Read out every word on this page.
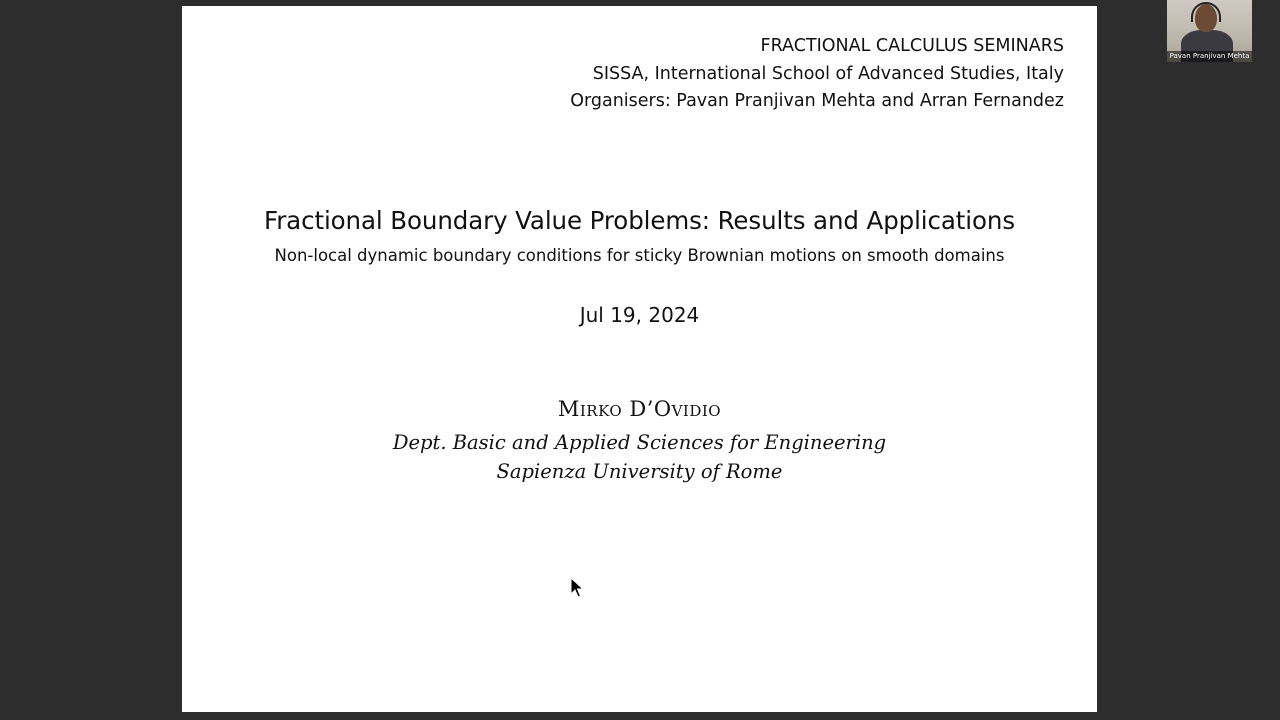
FRACTIONAL CALCULUS SEMINARS
SISSA, International School of Advanced Studies, Italy
Organisers: Pavan Pranjivan Mehta and Arran Fernandez
Fractional Boundary Value Problems: Results and Applications
Non-local dynamic boundary conditions for sticky Brownian motions on smooth domains
Jul 19, 2024
Mirko D’Ovidio
Dept. Basic and Applied Sciences for Engineering
Sapienza University of Rome
Pavan Pranjivan Mehta
